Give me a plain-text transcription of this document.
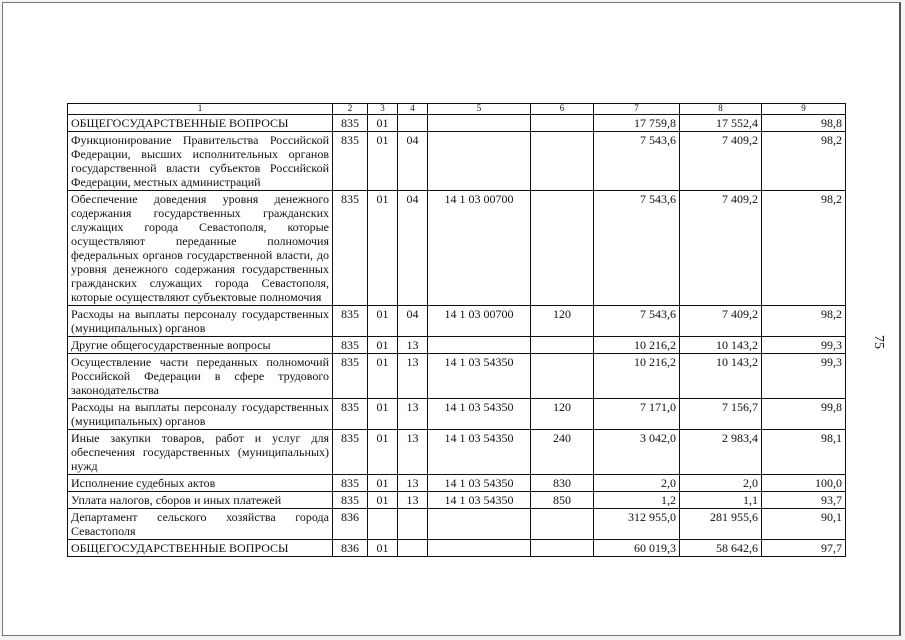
75
1	2	3	4	5	6	7	8	9
ОБЩЕГОСУДАРСТВЕННЫЕ ВОПРОСЫ	835	01				17 759,8	17 552,4	98,8
Функционирование Правительства Российской Федерации, высших исполнительных органов государственной власти субъектов Российской Федерации, местных администраций	835	01	04			7 543,6	7 409,2	98,2
Обеспечение доведения уровня денежного содержания государственных гражданских служащих города Севастополя, которые осуществляют переданные полномочия федеральных органов государственной власти, до уровня денежного содержания государственных гражданских служащих города Севастополя, которые осуществляют субъектовые полномочия	835	01	04	14 1 03 00700		7 543,6	7 409,2	98,2
Расходы на выплаты персоналу государственных (муниципальных) органов	835	01	04	14 1 03 00700	120	7 543,6	7 409,2	98,2
Другие общегосударственные вопросы	835	01	13			10 216,2	10 143,2	99,3
Осуществление части переданных полномочий Российской Федерации в сфере трудового законодательства	835	01	13	14 1 03 54350		10 216,2	10 143,2	99,3
Расходы на выплаты персоналу государственных (муниципальных) органов	835	01	13	14 1 03 54350	120	7 171,0	7 156,7	99,8
Иные закупки товаров, работ и услуг для обеспечения государственных (муниципальных) нужд	835	01	13	14 1 03 54350	240	3 042,0	2 983,4	98,1
Исполнение судебных актов	835	01	13	14 1 03 54350	830	2,0	2,0	100,0
Уплата налогов, сборов и иных платежей	835	01	13	14 1 03 54350	850	1,2	1,1	93,7
Департамент сельского хозяйства города Севастополя	836					312 955,0	281 955,6	90,1
ОБЩЕГОСУДАРСТВЕННЫЕ ВОПРОСЫ	836	01				60 019,3	58 642,6	97,7
